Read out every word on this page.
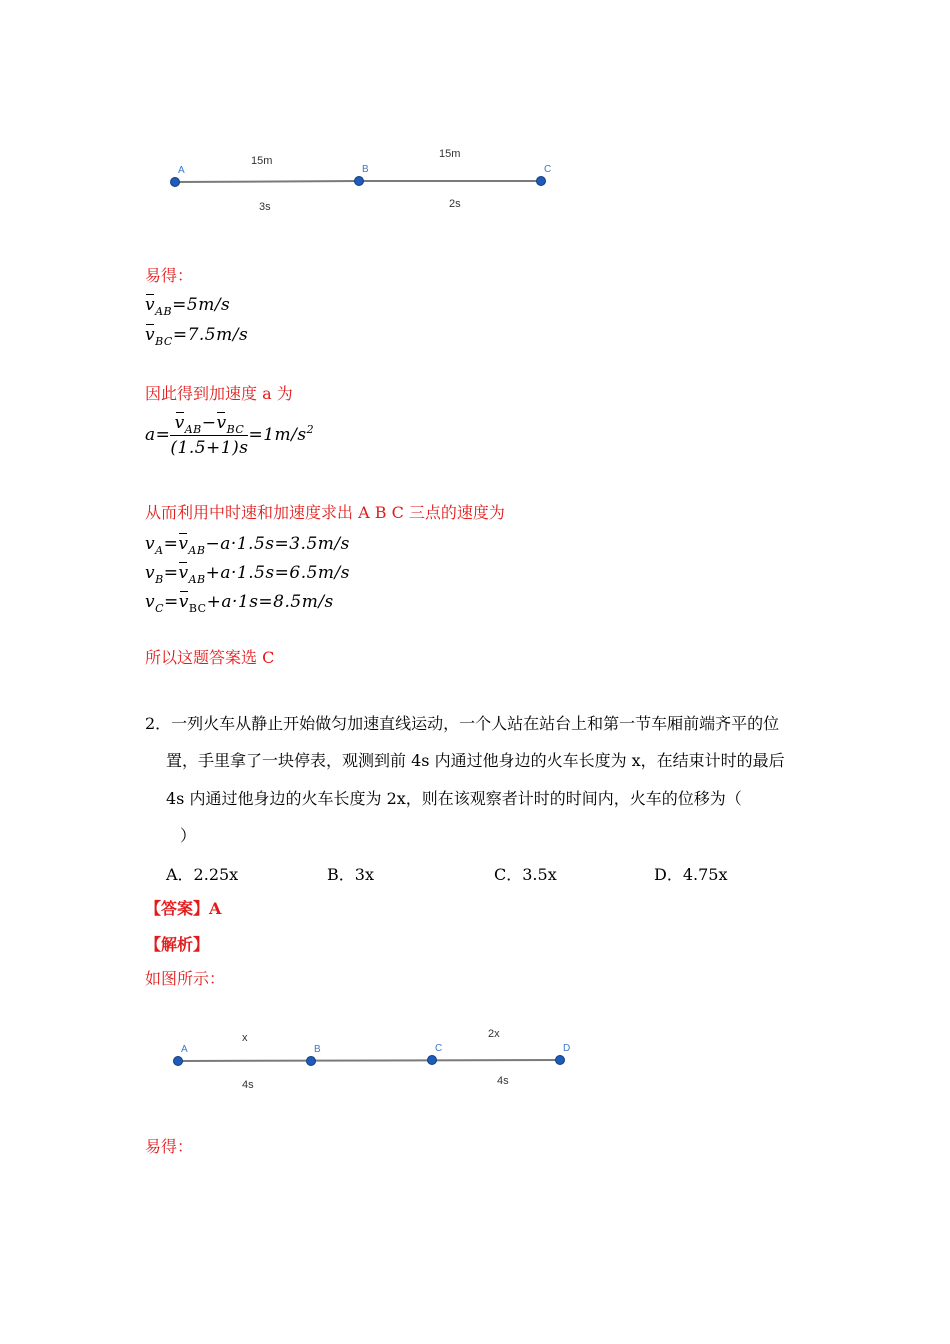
A	B	C
15m
15m
3s	2s
易得：
$v_{AB}=5m/s$
$v_{BC}=7.5m/s$
因此得到加速度 a 为
$a= \frac{v_{AB}-v_{BC}}{(1.5+1)s} =1m/s^2$
从而利用中时速和加速度求出 A B C 三点的速度为
$v_A=v_{AB}-a\cdot 1.5s=3.5m/s$
$v_B=v_{AB}+a\cdot 1.5s=6.5m/s$
$v_C=v_{BC}+a\cdot 1s=8.5m/s$
所以这题答案选 C
2．一列火车从静止开始做匀加速直线运动，一个人站在站台上和第一节车厢前端齐平的位
置，手里拿了一块停表，观测到前 4s 内通过他身边的火车长度为 x，在结束计时的最后
4s 内通过他身边的火车长度为 2x，则在该观察者计时的时间内，火车的位移为（
）
A．2.25x	B．3x	C．3.5x	D．4.75x
【答案】A
【解析】
如图所示：
A	B	C	D
x	2x
4s	4s
易得：
